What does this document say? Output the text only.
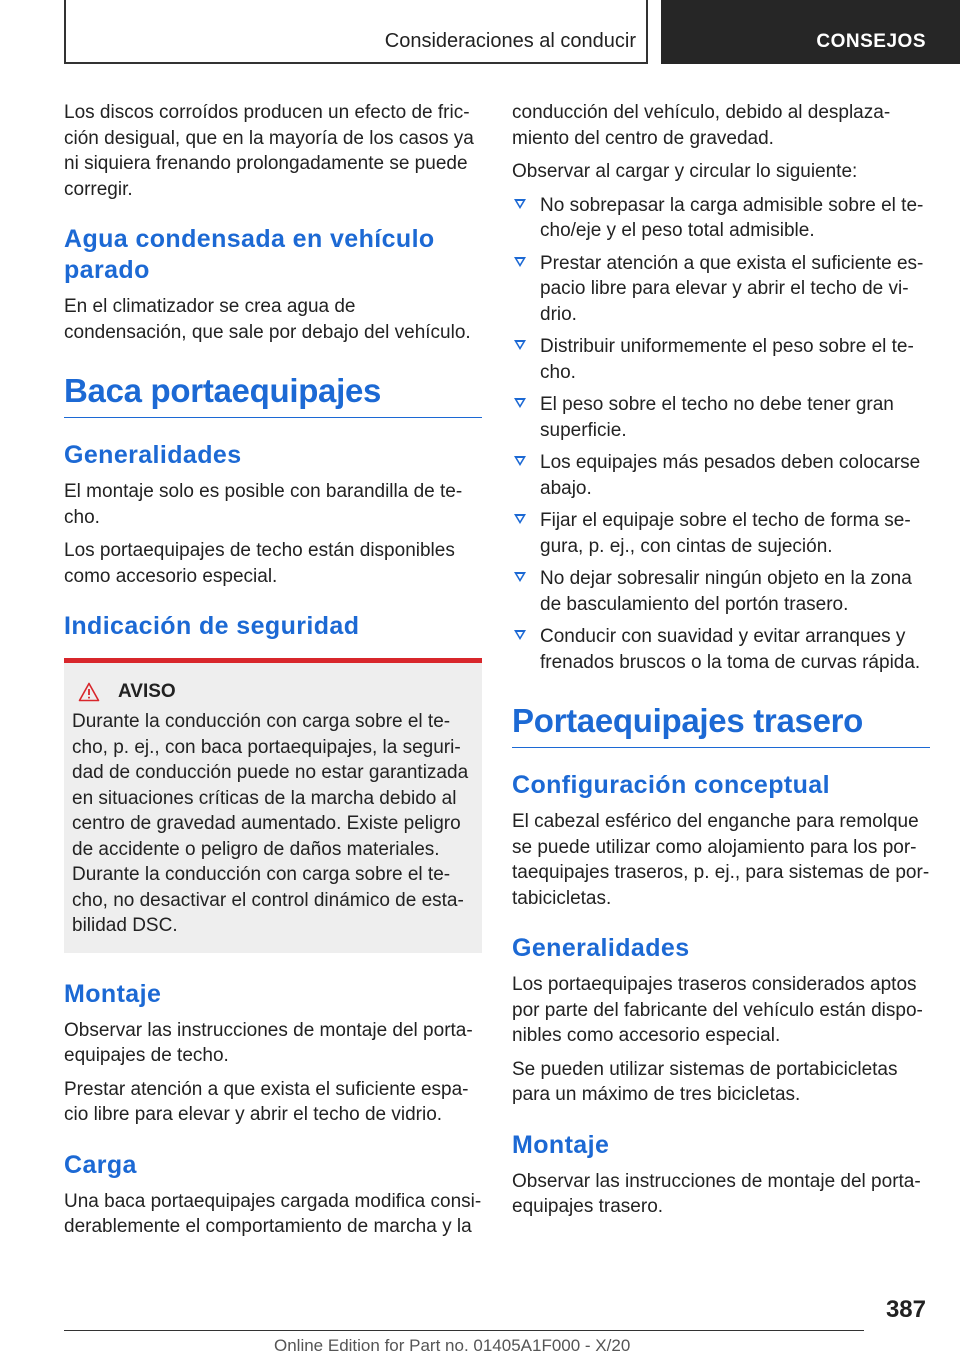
Consideraciones al conducir	CONSEJOS

Los discos corroídos producen un efecto de fric-ción desigual, que en la mayoría de los casos ya ni siquiera frenando prolongadamente se puede corregir.

Agua condensada en vehículo parado

En el climatizador se crea agua de condensación, que sale por debajo del vehículo.

Baca portaequipajes
Generalidades

El montaje solo es posible con barandilla de te-cho.

Los portaequipajes de techo están disponibles como accesorio especial.

Indicación de seguridad
AVISO

Durante la conducción con carga sobre el te-cho, p. ej., con baca portaequipajes, la seguri-dad de conducción puede no estar garantizada en situaciones críticas de la marcha debido al centro de gravedad aumentado. Existe peligro de accidente o peligro de daños materiales. Durante la conducción con carga sobre el te-cho, no desactivar el control dinámico de esta-bilidad DSC.

Montaje

Observar las instrucciones de montaje del porta-equipajes de techo.

Prestar atención a que exista el suficiente espa-cio libre para elevar y abrir el techo de vidrio.

Carga

Una baca portaequipajes cargada modifica consi-derablemente el comportamiento de marcha y la

conducción del vehículo, debido al desplaza-miento del centro de gravedad.

Observar al cargar y circular lo siguiente:

No sobrepasar la carga admisible sobre el te-cho/eje y el peso total admisible.
Prestar atención a que exista el suficiente es-pacio libre para elevar y abrir el techo de vi-drio.
Distribuir uniformemente el peso sobre el te-cho.
El peso sobre el techo no debe tener gran superficie.
Los equipajes más pesados deben colocarse abajo.
Fijar el equipaje sobre el techo de forma se-gura, p. ej., con cintas de sujeción.
No dejar sobresalir ningún objeto en la zona de basculamiento del portón trasero.
Conducir con suavidad y evitar arranques y frenados bruscos o la toma de curvas rápida.
Portaequipajes trasero
Configuración conceptual

El cabezal esférico del enganche para remolque se puede utilizar como alojamiento para los por-taequipajes traseros, p. ej., para sistemas de por-tabicicletas.

Generalidades

Los portaequipajes traseros considerados aptos por parte del fabricante del vehículo están dispo-nibles como accesorio especial.

Se pueden utilizar sistemas de portabicicletas para un máximo de tres bicicletas.

Montaje

Observar las instrucciones de montaje del porta-equipajes trasero.

387
Online Edition for Part no. 01405A1F000 - X/20
